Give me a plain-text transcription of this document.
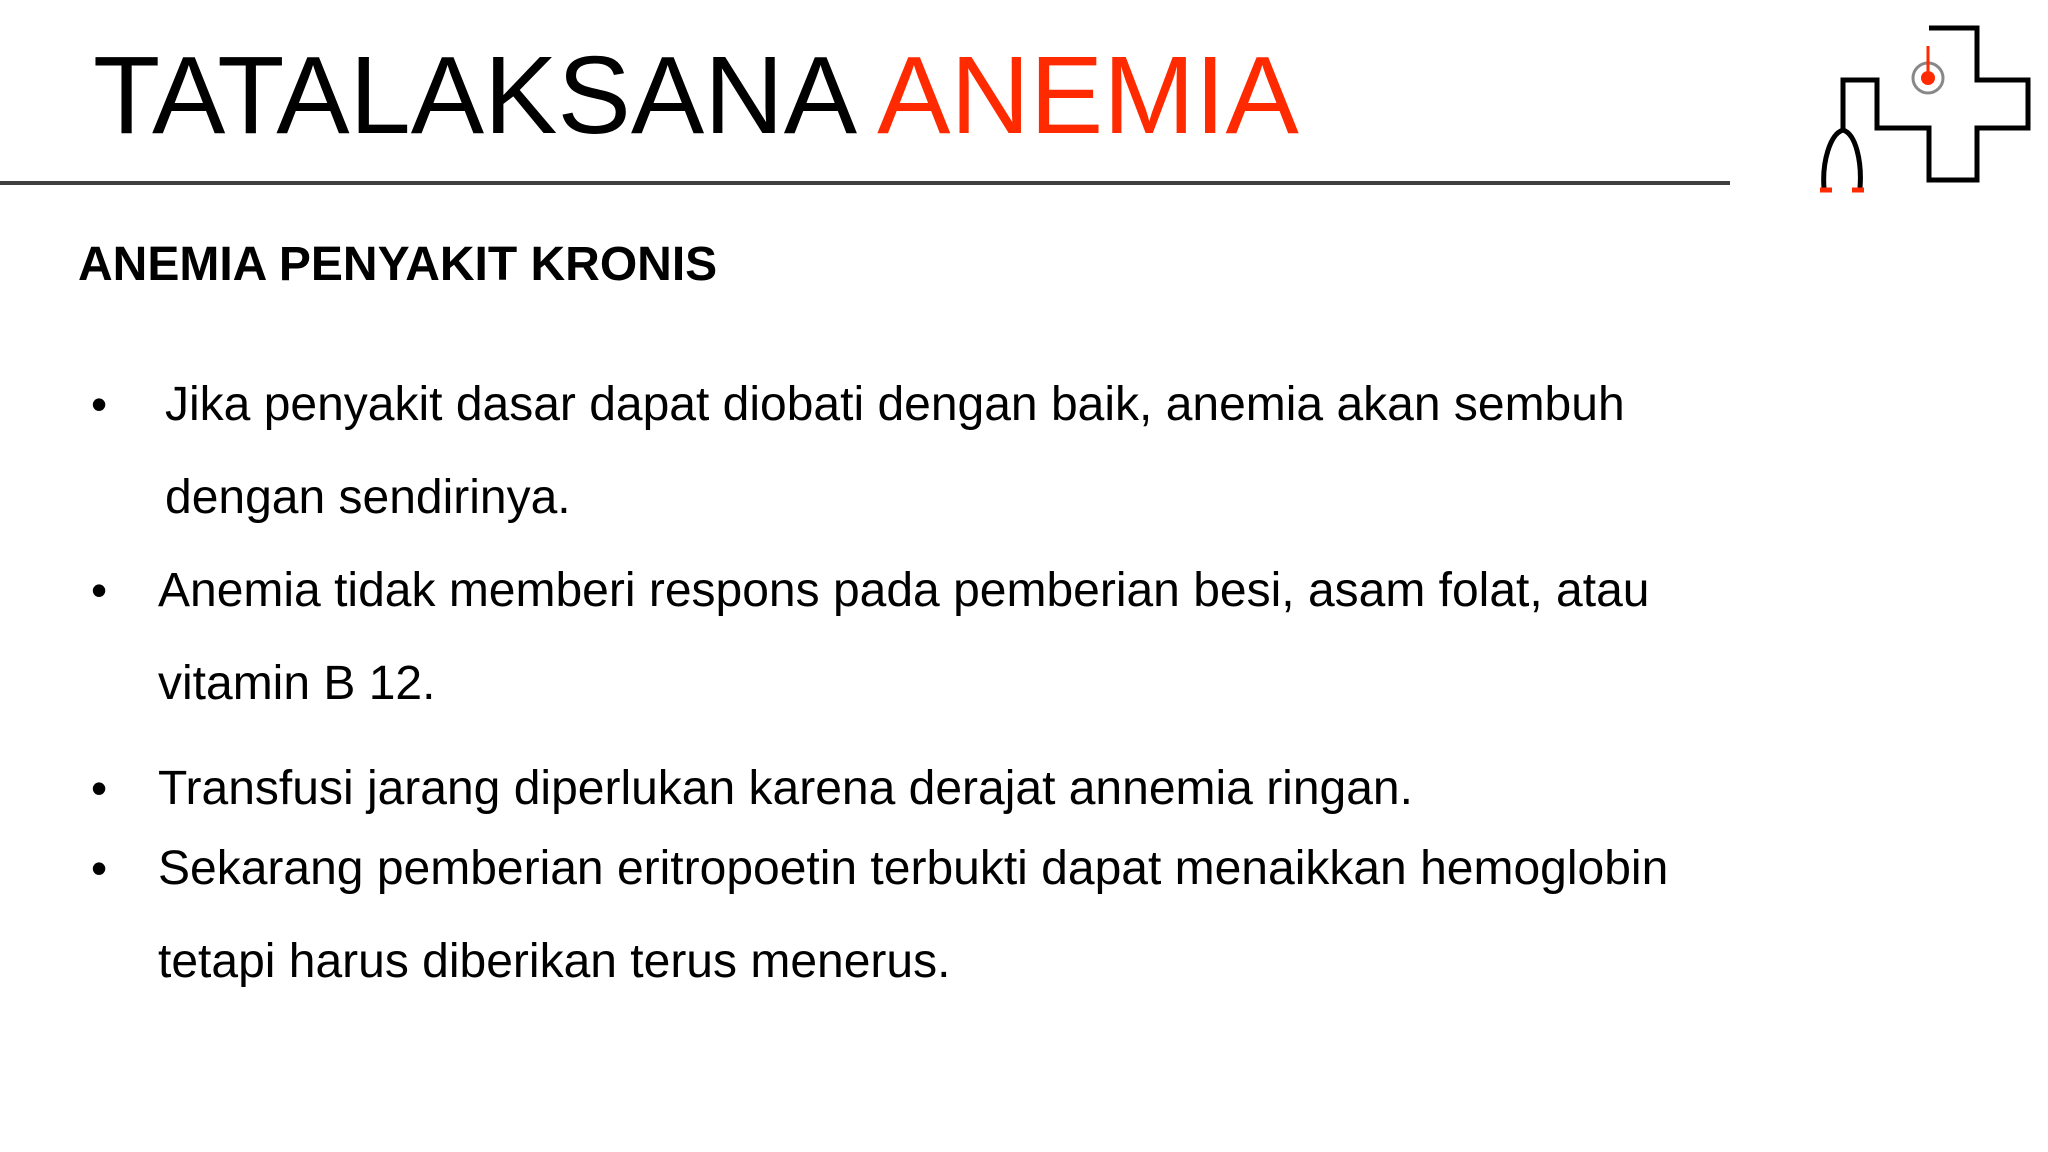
TATALAKSANA ANEMIA
ANEMIA PENYAKIT KRONIS
• Jika penyakit dasar dapat diobati dengan baik, anemia akan sembuh
dengan sendirinya.
• Anemia tidak memberi respons pada pemberian besi, asam folat, atau
vitamin B 12.
• Transfusi jarang diperlukan karena derajat annemia ringan.
• Sekarang pemberian eritropoetin terbukti dapat menaikkan hemoglobin
tetapi harus diberikan terus menerus.
